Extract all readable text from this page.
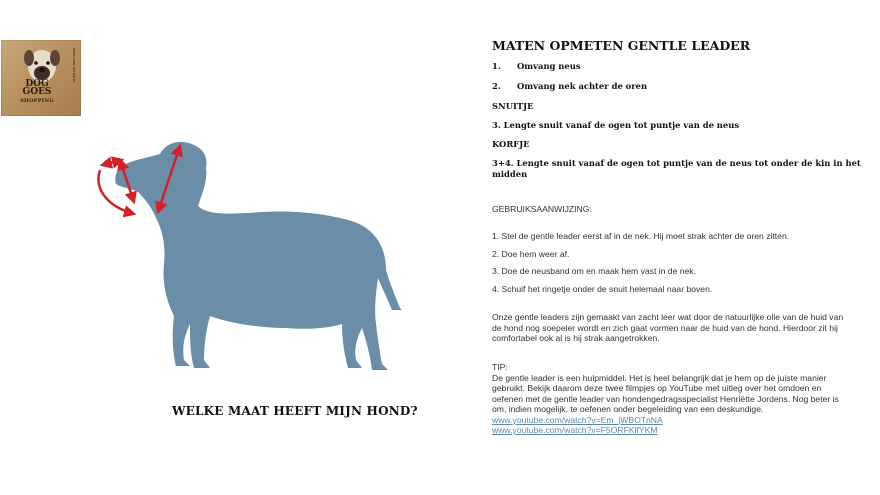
DOG
GOES
SHOPPING
Alles voor uw hond
WELKE MAAT HEEFT MIJN HOND?
MATEN OPMETEN GENTLE LEADER
1.	Omvang neus
2.	Omvang nek achter de oren
SNUITJE
3. Lengte snuit vanaf de ogen tot puntje van de neus
KORFJE
3+4. Lengte snuit vanaf de ogen tot puntje van de neus tot onder de kin in het midden
GEBRUIKSAANWIJZING:
1. Stel de gentle leader eerst af in de nek. Hij moet strak achter de oren zitten.
2. Doe hem weer af.
3. Doe de neusband om en maak hem vast in de nek.
4. Schuif het ringetje onder de snuit helemaal naar boven.
Onze gentle leaders zijn gemaakt van zacht leer wat door de natuurlijke olie van de huid van de hond nog soepeler wordt en zich gaat vormen naar de huid van de hond. Hierdoor zit hij comfortabel ook al is hij strak aangetrokken.
TIP:
De gentle leader is een hulpmiddel. Het is heel belangrijk dat je hem op de juiste manier gebruikt. Bekijk daarom deze twee filmpjes op YouTube met uitleg over het omdoen en oefenen met de gentle leader van hondengedragsspecialist Henriëtte Jordens. Nog beter is om, indien mogelijk, te oefenen onder begeleiding van een deskundige.
www.youtube.com/watch?v=Em_jWBOTnNA
www.youtube.com/watch?v=F5ORFKlfYKM
